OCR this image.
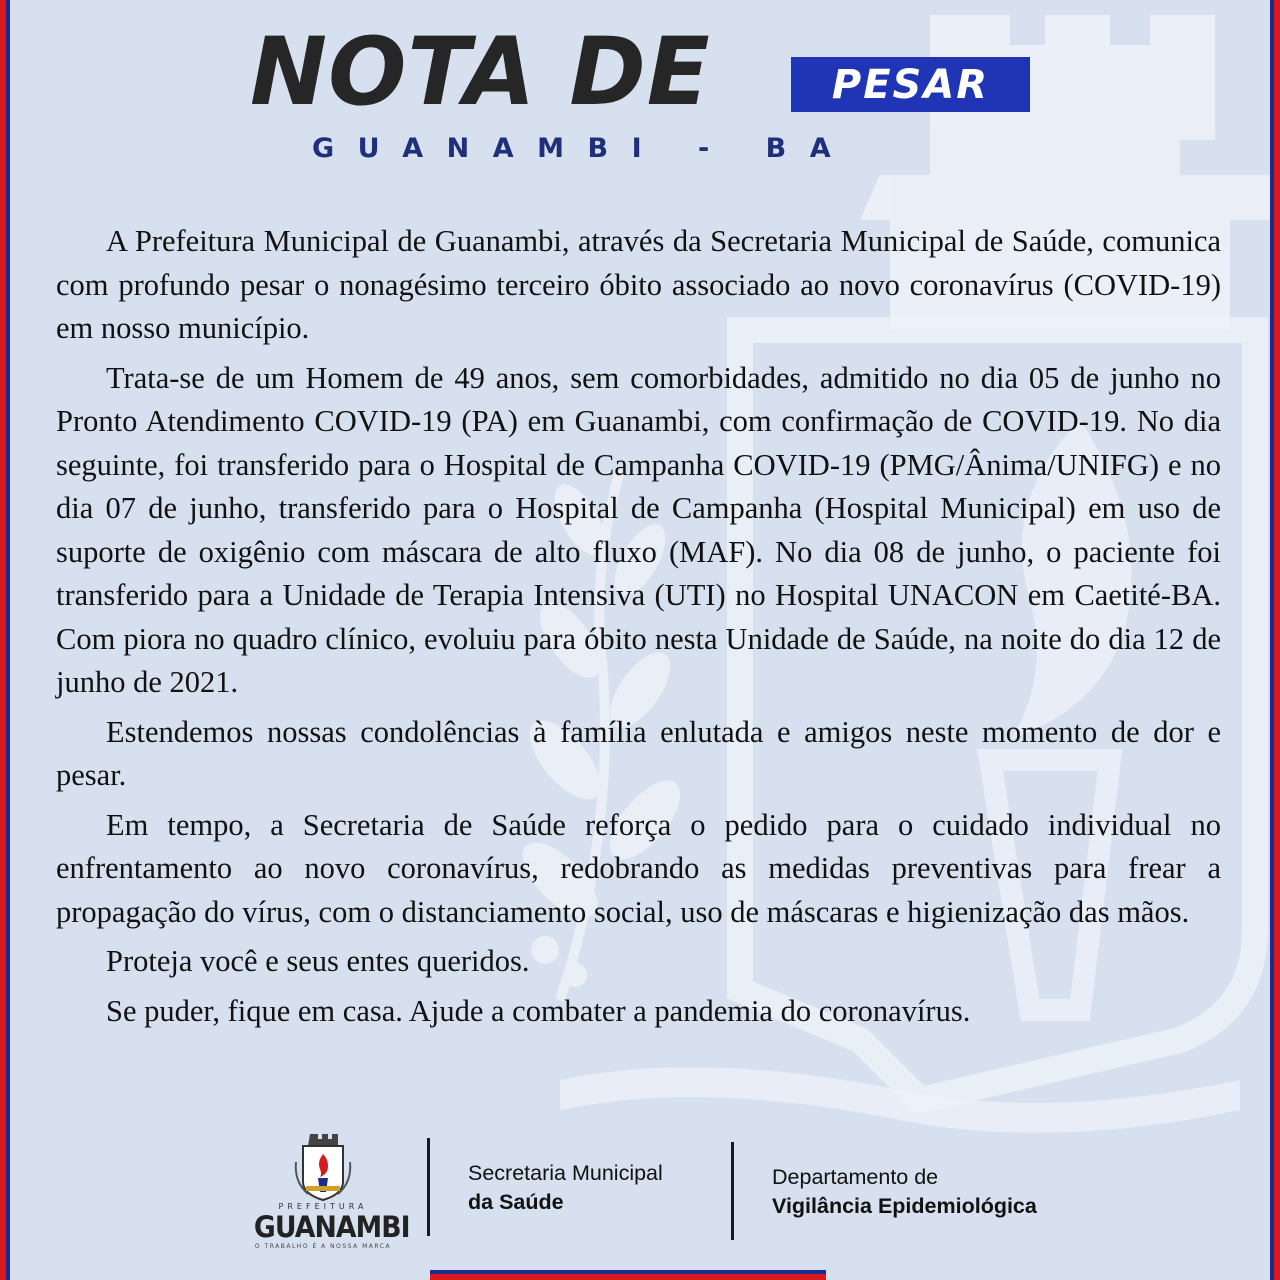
NOTA DE	PESAR
GUANAMBI - BA

A Prefeitura Municipal de Guanambi, através da Secretaria Municipal de Saúde, comunica com profundo pesar o nonagésimo terceiro óbito associado ao novo coronavírus (COVID-19) em nosso município.

Trata-se de um Homem de 49 anos, sem comorbidades, admitido no dia 05 de junho no Pronto Atendimento COVID-19 (PA) em Guanambi, com confirmação de COVID-19. No dia seguinte, foi transferido para o Hospital de Campanha COVID-19 (PMG/Ânima/UNIFG) e no dia 07 de junho, transferido para o Hospital de Campanha (Hospital Municipal) em uso de suporte de oxigênio com máscara de alto fluxo (MAF). No dia 08 de junho, o paciente foi transferido para a Unidade de Terapia Intensiva (UTI) no Hospital UNACON em Caetité-BA. Com piora no quadro clínico, evoluiu para óbito nesta Unidade de Saúde, na noite do dia 12 de junho de 2021.

Estendemos nossas condolências à família enlutada e amigos neste momento de dor e pesar.

Em tempo, a Secretaria de Saúde reforça o pedido para o cuidado individual no enfrentamento ao novo coronavírus, redobrando as medidas preventivas para frear a propagação do vírus, com o distanciamento social, uso de máscaras e higienização das mãos.

Proteja você e seus entes queridos.

Se puder, fique em casa. Ajude a combater a pandemia do coronavírus.

PREFEITURA
GUANAMBI
O TRABALHO É A NOSSA MARCA
Secretaria Municipal
da Saúde
Departamento de
Vigilância Epidemiológica
